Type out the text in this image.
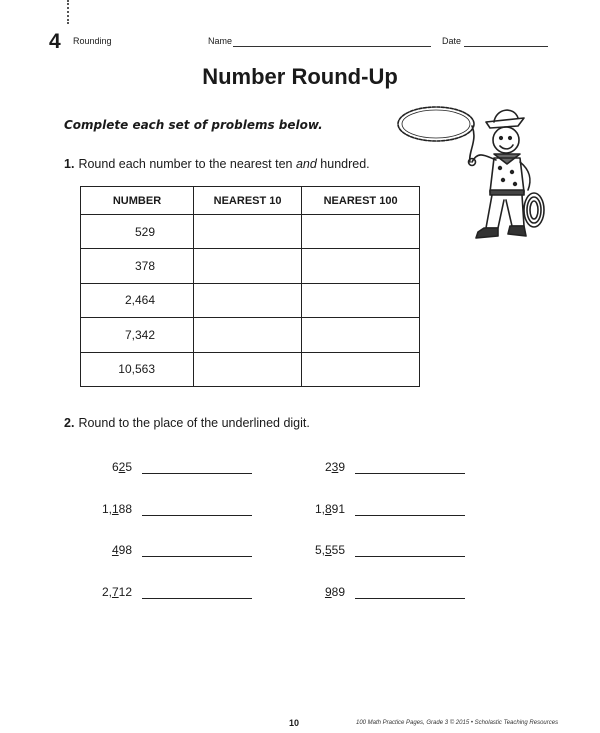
4 Rounding	Name	Date
Number Round-Up
Complete each set of problems below.
1. Round each number to the nearest ten and hundred.
NUMBER	NEAREST 10	NEAREST 100
529		
378		
2,464		
7,342		
10,563		
2. Round to the place of the underlined digit.
625
1,188
498
2,712
239
1,891
5,555
989
10	100 Math Practice Pages, Grade 3 © 2015 • Scholastic Teaching Resources
